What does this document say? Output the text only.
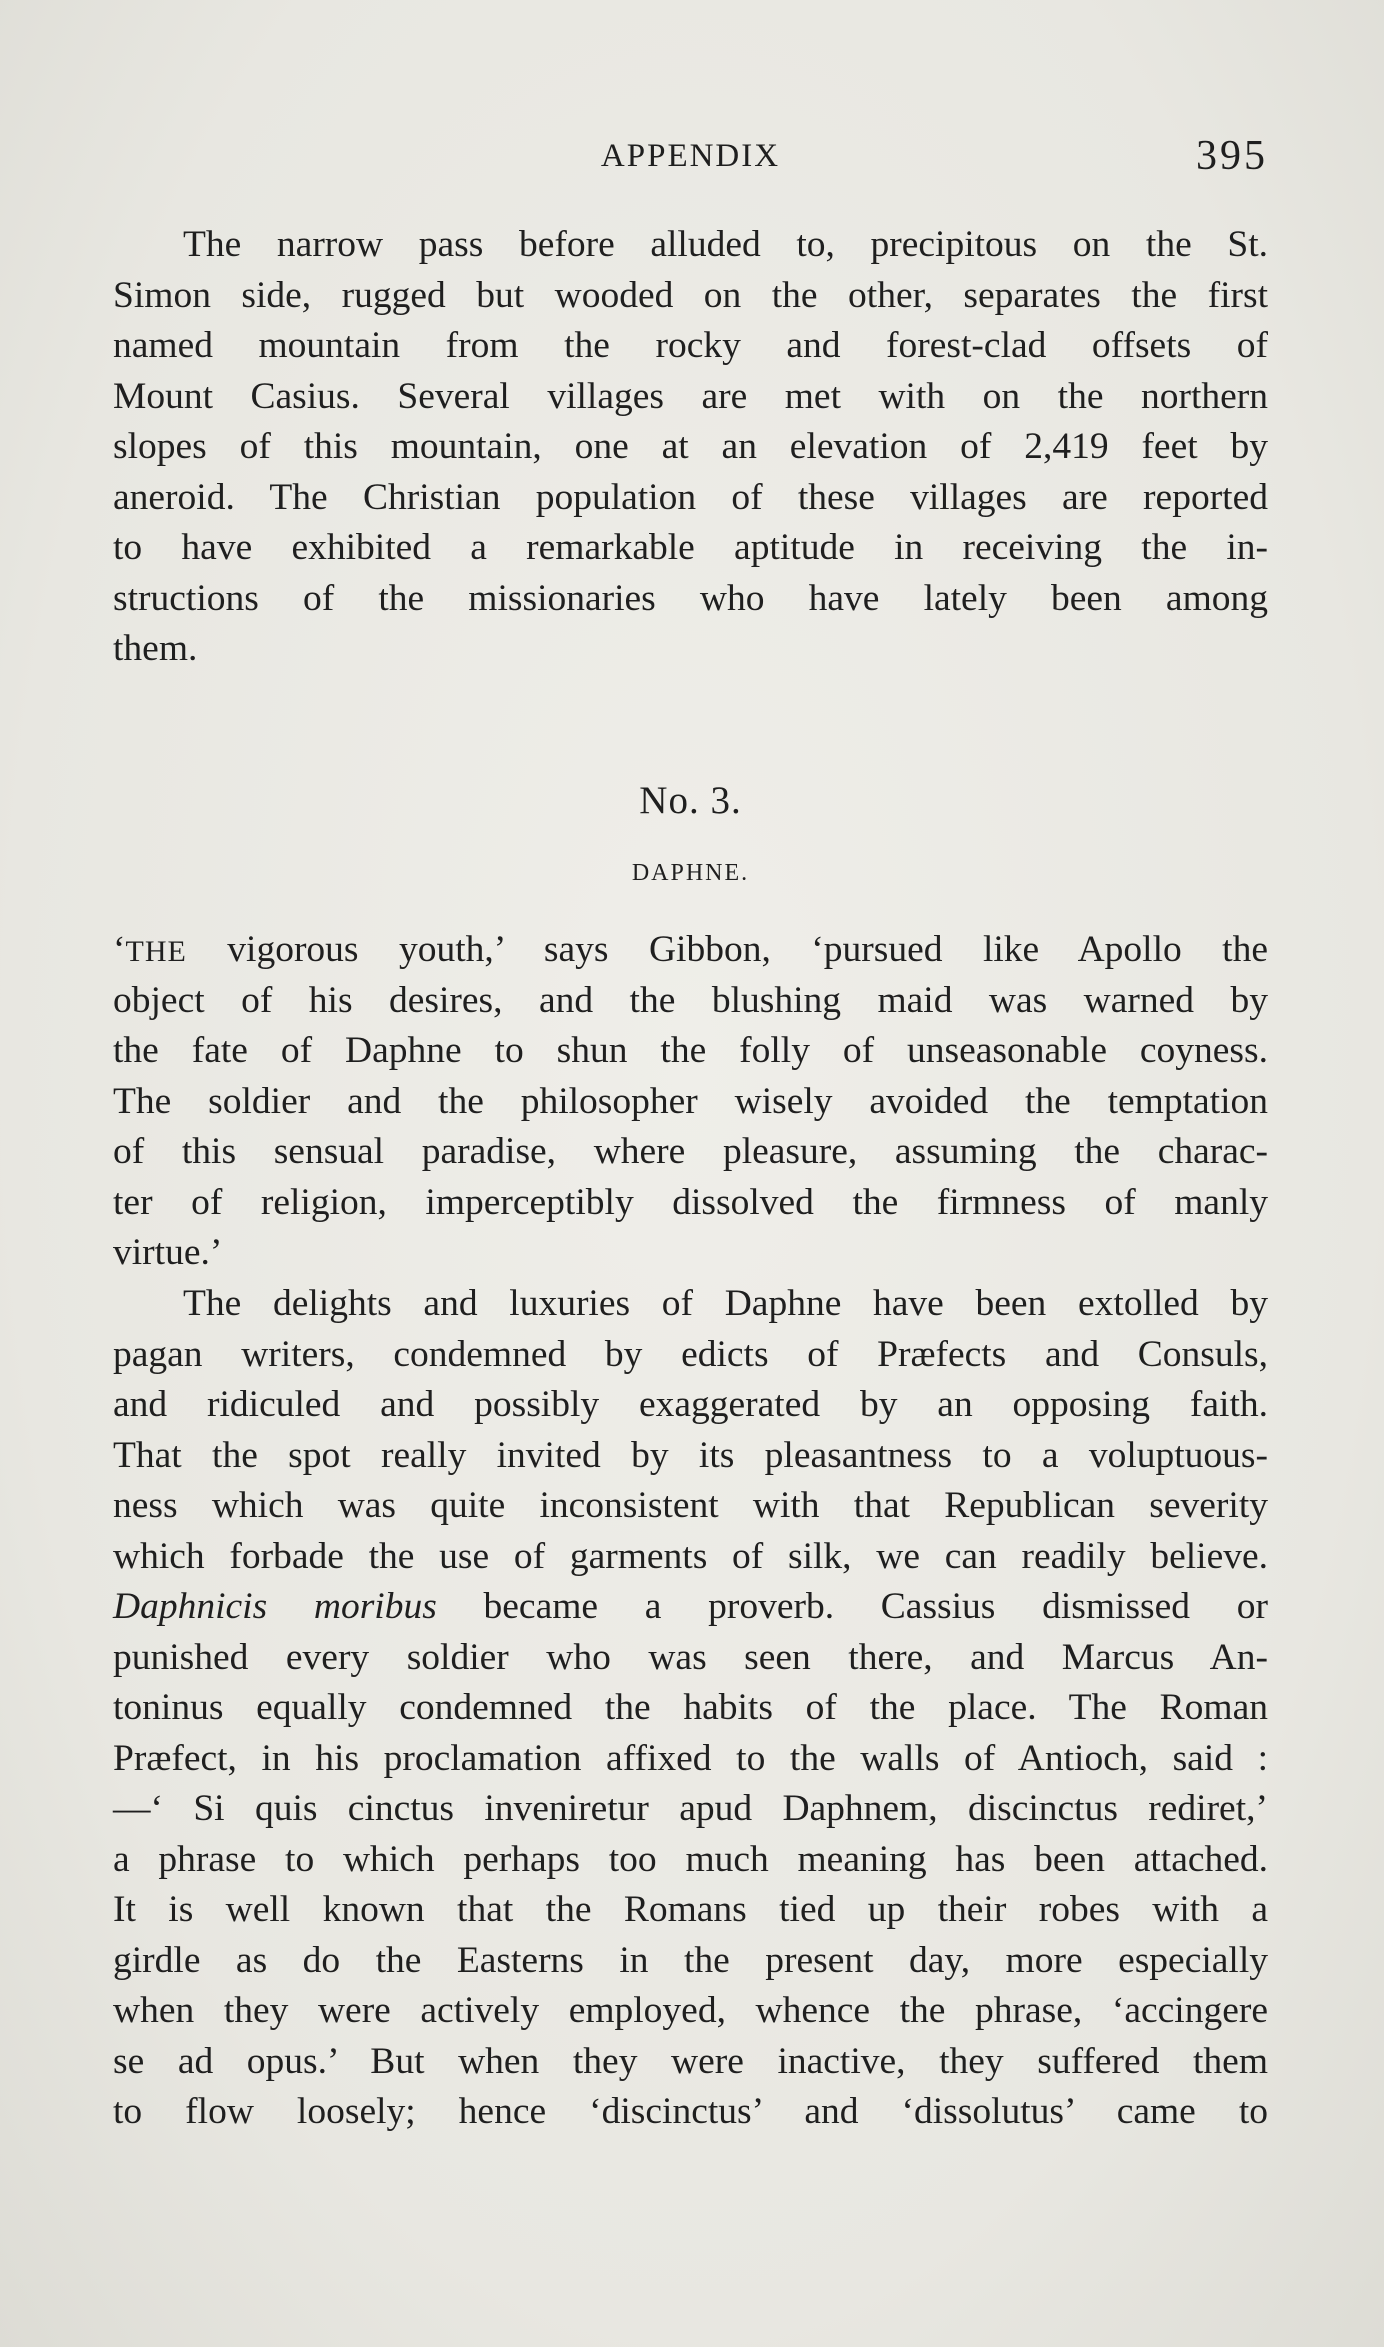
APPENDIX	395
The narrow pass before alluded to, precipitous on the St.
Simon side, rugged but wooded on the other, separates the first
named mountain from the rocky and forest-clad offsets of
Mount Casius. Several villages are met with on the northern
slopes of this mountain, one at an elevation of 2,419 feet by
aneroid. The Christian population of these villages are reported
to have exhibited a remarkable aptitude in receiving the in-
structions of the missionaries who have lately been among
them.
No. 3.
DAPHNE.
‘THE vigorous youth,’ says Gibbon, ‘pursued like Apollo the
object of his desires, and the blushing maid was warned by
the fate of Daphne to shun the folly of unseasonable coyness.
The soldier and the philosopher wisely avoided the temptation
of this sensual paradise, where pleasure, assuming the charac-
ter of religion, imperceptibly dissolved the firmness of manly
virtue.’
The delights and luxuries of Daphne have been extolled by
pagan writers, condemned by edicts of Præfects and Consuls,
and ridiculed and possibly exaggerated by an opposing faith.
That the spot really invited by its pleasantness to a voluptuous-
ness which was quite inconsistent with that Republican severity
which forbade the use of garments of silk, we can readily believe.
Daphnicis moribus became a proverb. Cassius dismissed or
punished every soldier who was seen there, and Marcus An-
toninus equally condemned the habits of the place. The Roman
Præfect, in his proclamation affixed to the walls of Antioch, said :
—‘ Si quis cinctus inveniretur apud Daphnem, discinctus rediret,’
a phrase to which perhaps too much meaning has been attached.
It is well known that the Romans tied up their robes with a
girdle as do the Easterns in the present day, more especially
when they were actively employed, whence the phrase, ‘accingere
se ad opus.’ But when they were inactive, they suffered them
to flow loosely; hence ‘discinctus’ and ‘dissolutus’ came to
